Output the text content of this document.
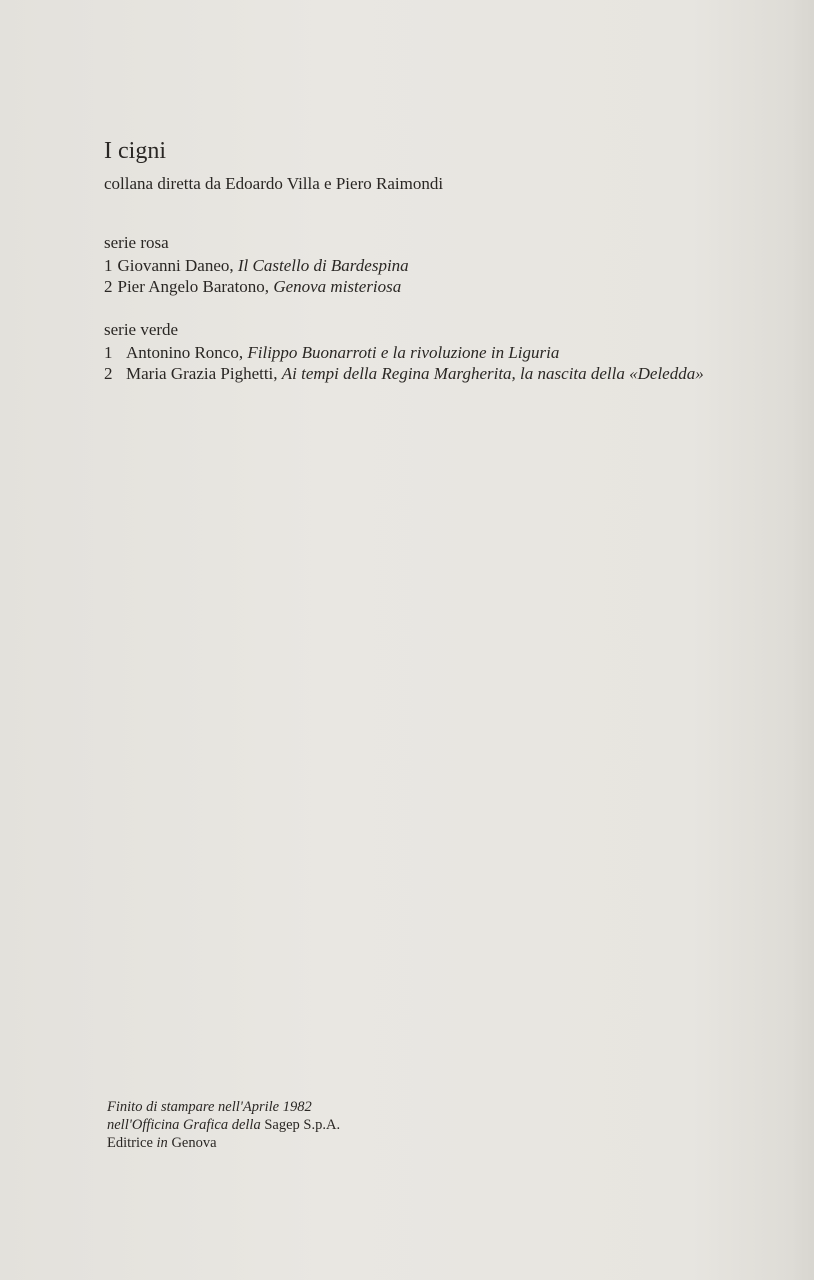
I cigni
collana diretta da Edoardo Villa e Piero Raimondi
serie rosa
1 Giovanni Daneo, Il Castello di Bardespina
2 Pier Angelo Baratono, Genova misteriosa
serie verde
1 Antonino Ronco, Filippo Buonarroti e la rivoluzione in Liguria
2 Maria Grazia Pighetti, Ai tempi della Regina Margherita, la nascita della «Deledda»
Finito di stampare nell'Aprile 1982
nell'Officina Grafica della Sagep S.p.A.
Editrice in Genova
